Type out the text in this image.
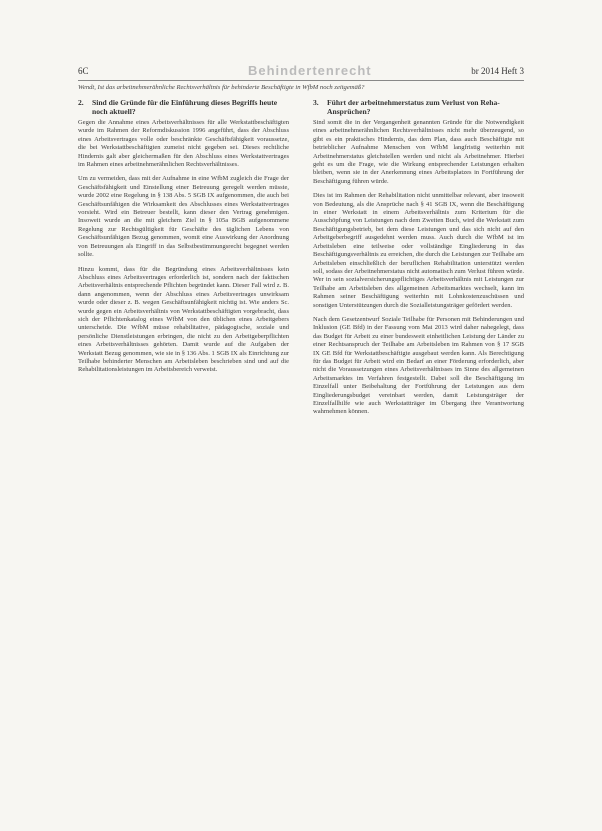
6C	Behindertenrecht	br 2014 Heft 3
Wendt, Ist das arbeitnehmerähnliche Rechtsverhältnis für behinderte Beschäftigte in WfbM noch zeitgemäß?
2.	Sind die Gründe für die Einführung dieses Begriffs heute noch aktuell?

Gegen die Annahme eines Arbeitsverhältnisses für alle Werkstattbeschäftigten wurde im Rahmen der Reformdiskussion 1996 angeführt, dass der Abschluss eines Arbeitsvertrages volle oder beschränkte Geschäftsfähigkeit voraussetze, die bei Werkstattbeschäftigten zumeist nicht gegeben sei. Dieses rechtliche Hindernis galt aber gleichermaßen für den Abschluss eines Werkstattvertrages im Rahmen eines arbeitnehmerähnlichen Rechtsverhältnisses.

Um zu vermeiden, dass mit der Aufnahme in eine WfbM zugleich die Frage der Geschäftsfähigkeit und Einstellung einer Betreuung geregelt werden müsste, wurde 2002 eine Regelung in § 138 Abs. 5 SGB IX aufgenommen, die auch bei Geschäftsunfähigen die Wirksamkeit des Abschlusses eines Werkstattvertrages vorsieht. Wird ein Betreuer bestellt, kann dieser den Vertrag genehmigen. Insoweit wurde an die mit gleichem Ziel in § 105a BGB aufgenommene Regelung zur Rechtsgültigkeit für Geschäfte des täglichen Lebens von Geschäftsunfähigen Bezug genommen, womit eine Auswirkung der Anordnung von Betreuungen als Eingriff in das Selbstbestimmungsrecht begegnet werden sollte.

Hinzu kommt, dass für die Begründung eines Arbeitsverhältnisses kein Abschluss eines Arbeitsvertrages erforderlich ist, sondern nach der faktischen Arbeitsverhältnis entsprechende Pflichten begründet kann. Dieser Fall wird z. B. dann angenommen, wenn der Abschluss eines Arbeitsvertrages unwirksam wurde oder dieser z. B. wegen Geschäftsunfähigkeit nichtig ist. Wie anders Sc. wurde gegen ein Arbeitsverhältnis von Werkstattbeschäftigten vorgebracht, dass sich der Pflichtenkatalog eines WfbM von den üblichen eines Arbeitgebers unterscheide. Die WfbM müsse rehabilitative, pädagogische, soziale und persönliche Dienstleistungen erbringen, die nicht zu den Arbeitgeberpflichten eines Arbeitsverhältnisses gehörten. Damit wurde auf die Aufgaben der Werkstatt Bezug genommen, wie sie in § 136 Abs. 1 SGB IX als Einrichtung zur Teilhabe behinderter Menschen am Arbeitsleben beschrieben sind und auf die Rehabilitationsleistungen im Arbeitsbereich verweist.

3.	Führt der arbeitnehmerstatus zum Verlust von Reha-Ansprüchen?

Sind somit die in der Vergangenheit genannten Gründe für die Notwendigkeit eines arbeitnehmerähnlichen Rechtsverhältnisses nicht mehr überzeugend, so gibt es ein praktisches Hindernis, das dem Plan, dass auch Beschäftigte mit betrieblicher Aufnahme Menschen von WfbM langfristig weiterhin mit Arbeitnehmerstatus gleichstellen werden und nicht als Arbeitnehmer. Hierbei geht es um die Frage, wie die Wirkung entsprechender Leistungen erhalten bleiben, wenn sie in der Anerkennung eines Arbeitsplatzes in Fortführung der Beschäftigung führen würde.

Dies ist im Rahmen der Rehabilitation nicht unmittelbar relevant, aber insoweit von Bedeutung, als die Ansprüche nach § 41 SGB IX, wenn die Beschäftigung in einer Werkstatt in einem Arbeitsverhältnis zum Kriterium für die Ausschöpfung von Leistungen nach dem Zweiten Buch, wird die Werkstatt zum Beschäftigungsbetrieb, bei dem diese Leistungen und das sich nicht auf den Arbeitgeberbegriff ausgedehnt werden muss. Auch durch die WfbM ist im Arbeitsleben eine teilweise oder vollständige Eingliederung in das Beschäftigungsverhältnis zu erreichen, die durch die Leistungen zur Teilhabe am Arbeitsleben einschließlich der beruflichen Rehabilitation unterstützt werden soll, sodass der Arbeitnehmerstatus nicht automatisch zum Verlust führen würde. Wer in sein sozialversicherungspflichtiges Arbeitsverhältnis mit Leistungen zur Teilhabe am Arbeitsleben des allgemeinen Arbeitsmarktes wechselt, kann im Rahmen seiner Beschäftigung weiterhin mit Lohnkostenzuschüssen und sonstigen Unterstützungen durch die Sozialleistungsträger gefördert werden.

Nach dem Gesetzentwurf Soziale Teilhabe für Personen mit Behinderungen und Inklusion (GE Bfd) in der Fassung vom Mai 2013 wird daher nahegelegt, dass das Budget für Arbeit zu einer bundesweit einheitlichen Leistung der Länder zu einer Rechtsanspruch der Teilhabe am Arbeitsleben im Rahmen von § 17 SGB IX GE Bfd für Werkstattbeschäftigte ausgebaut werden kann. Als Berechtigung für das Budget für Arbeit wird ein Bedarf an einer Förderung erforderlich, aber nicht die Voraussetzungen eines Arbeitsverhältnisses im Sinne des allgemeinen Arbeitsmarktes im Verfahren festgestellt. Dabei soll die Beschäftigung im Einzelfall unter Beibehaltung der Fortführung der Leistungen aus dem Eingliederungsbudget vereinbart werden, damit Leistungsträger der Einzelfallhilfe wie auch Werkstattträger im Übergang ihre Verantwortung wahrnehmen können.
